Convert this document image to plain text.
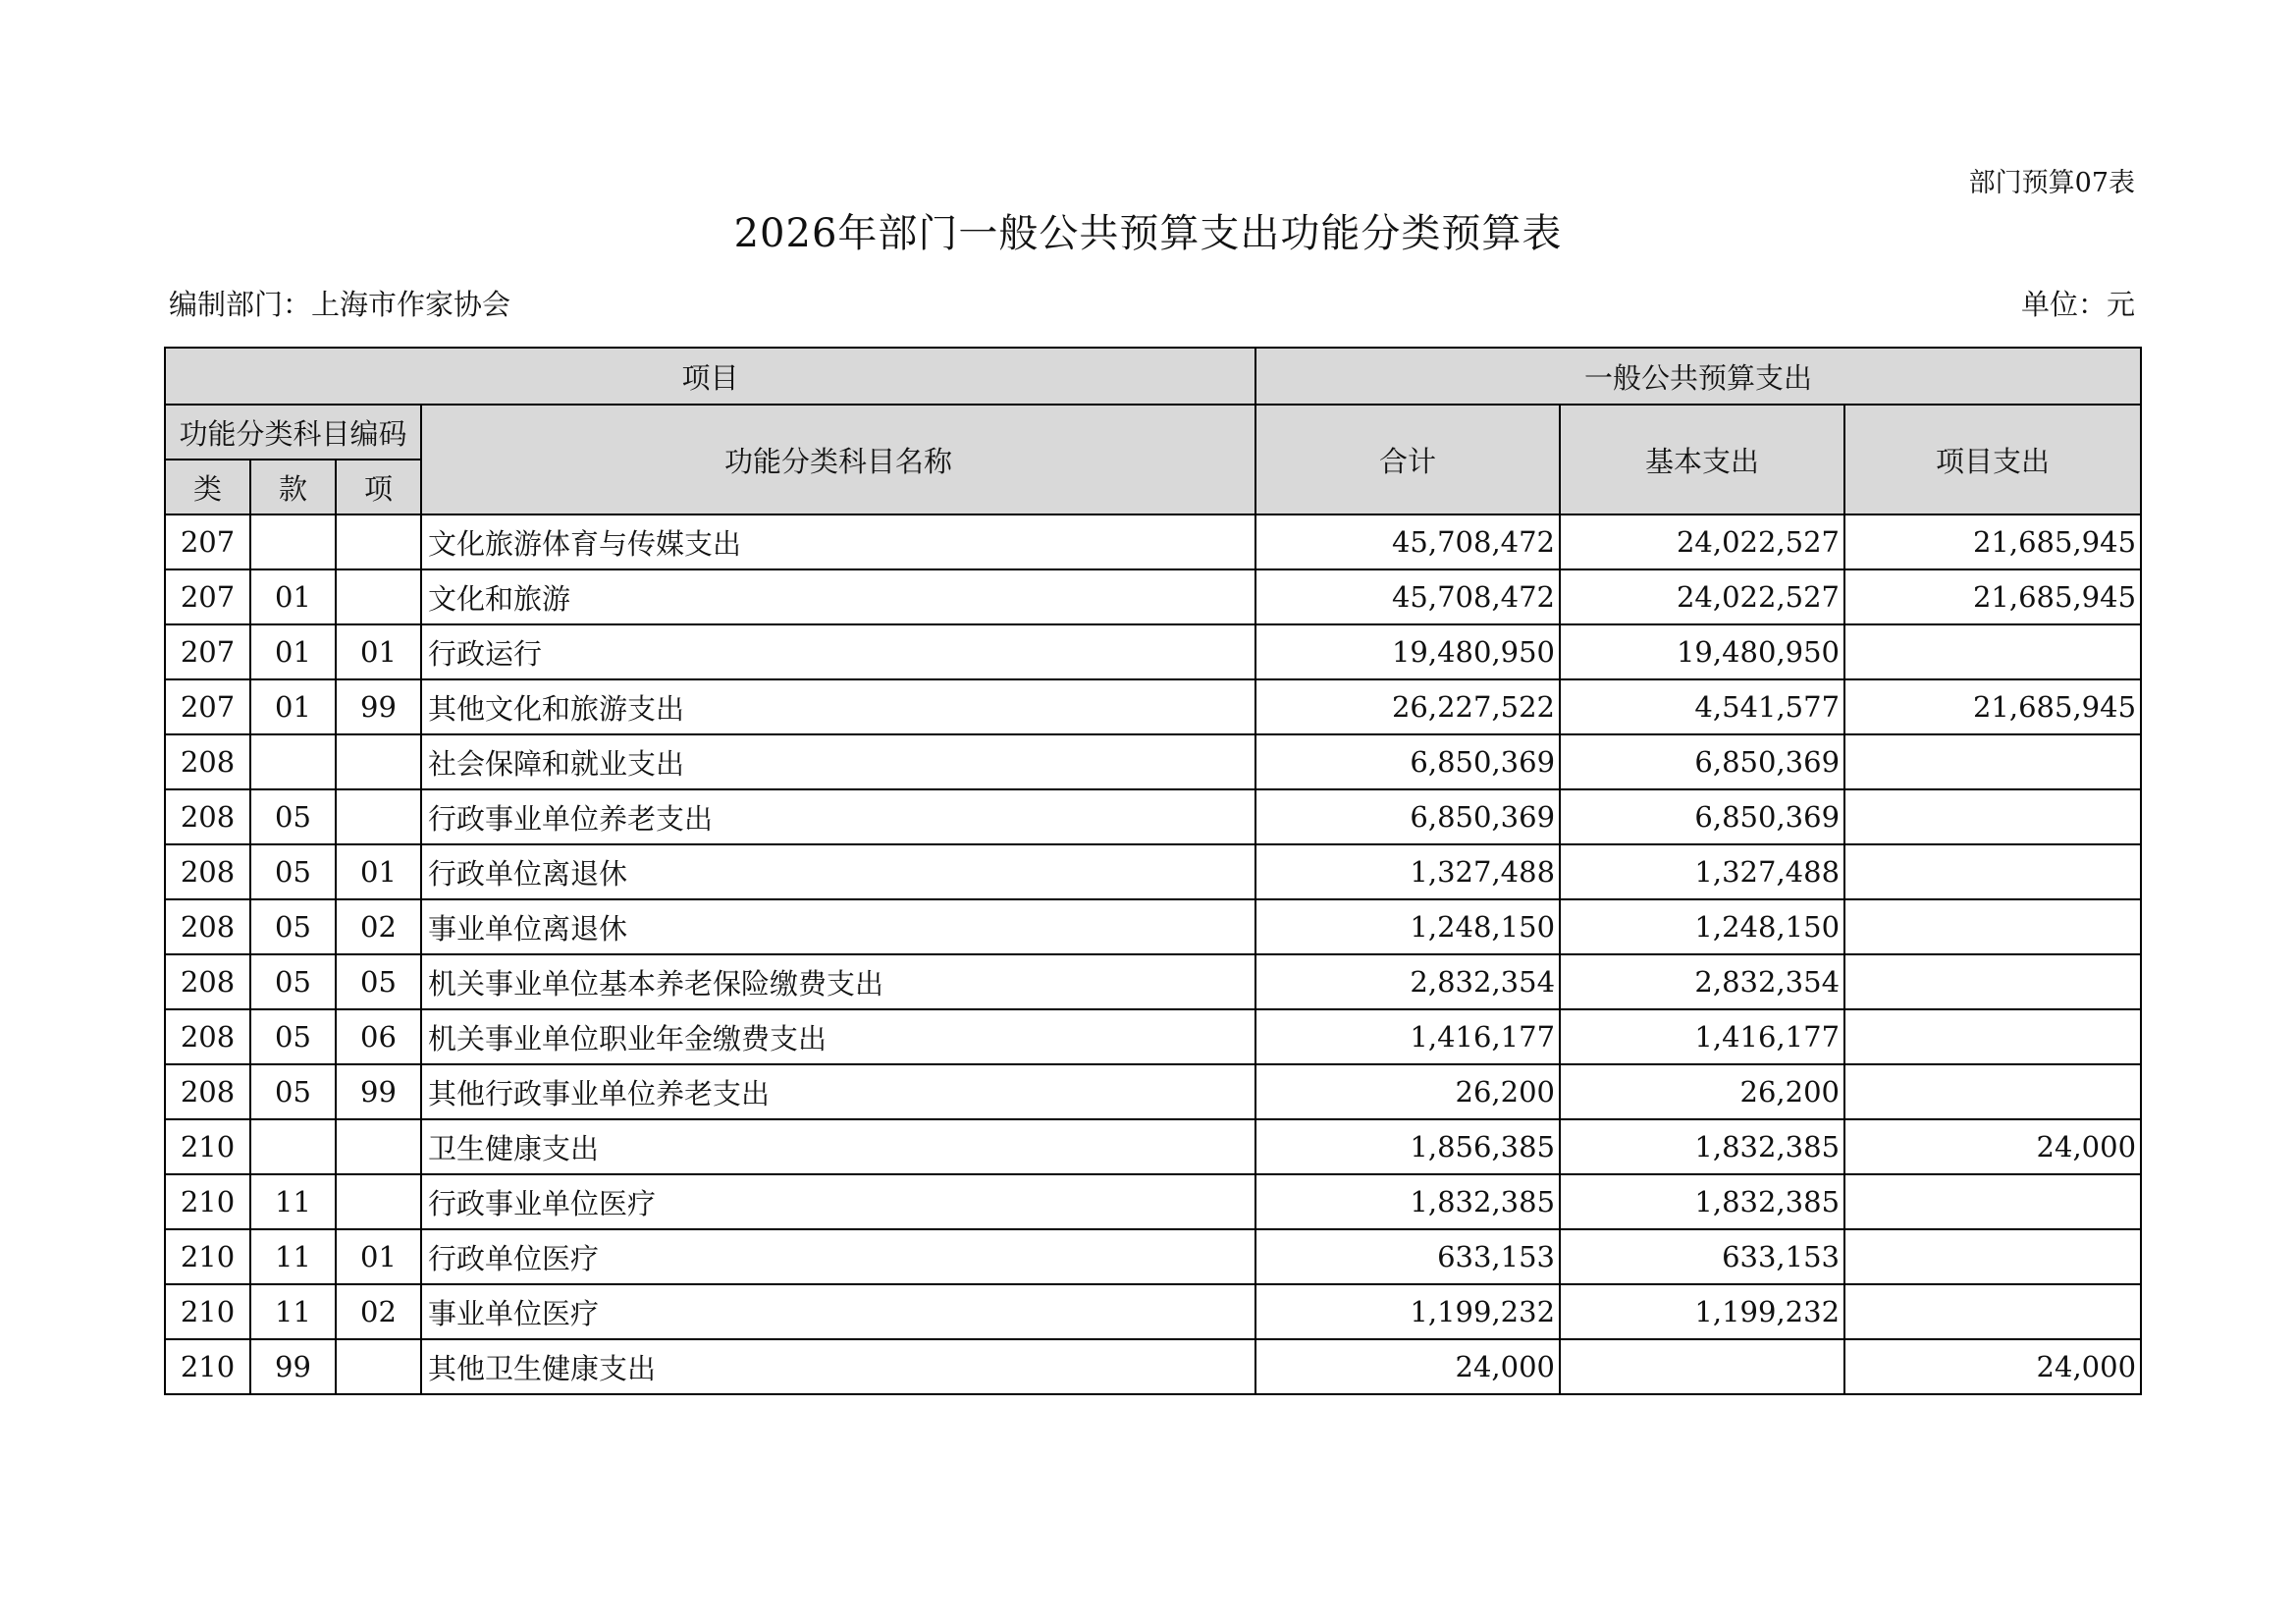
部门预算07表
2026年部门一般公共预算支出功能分类预算表
编制部门：上海市作家协会	单位：元
项目				一般公共预算支出		
功能分类科目编码			功能分类科目名称	合计	基本支出	项目支出
类	款	项				
207			文化旅游体育与传媒支出	45,708,472	24,022,527	21,685,945
207	01		文化和旅游	45,708,472	24,022,527	21,685,945
207	01	01	行政运行	19,480,950	19,480,950	
207	01	99	其他文化和旅游支出	26,227,522	4,541,577	21,685,945
208			社会保障和就业支出	6,850,369	6,850,369	
208	05		行政事业单位养老支出	6,850,369	6,850,369	
208	05	01	行政单位离退休	1,327,488	1,327,488	
208	05	02	事业单位离退休	1,248,150	1,248,150	
208	05	05	机关事业单位基本养老保险缴费支出	2,832,354	2,832,354	
208	05	06	机关事业单位职业年金缴费支出	1,416,177	1,416,177	
208	05	99	其他行政事业单位养老支出	26,200	26,200	
210			卫生健康支出	1,856,385	1,832,385	24,000
210	11		行政事业单位医疗	1,832,385	1,832,385	
210	11	01	行政单位医疗	633,153	633,153	
210	11	02	事业单位医疗	1,199,232	1,199,232	
210	99		其他卫生健康支出	24,000		24,000
